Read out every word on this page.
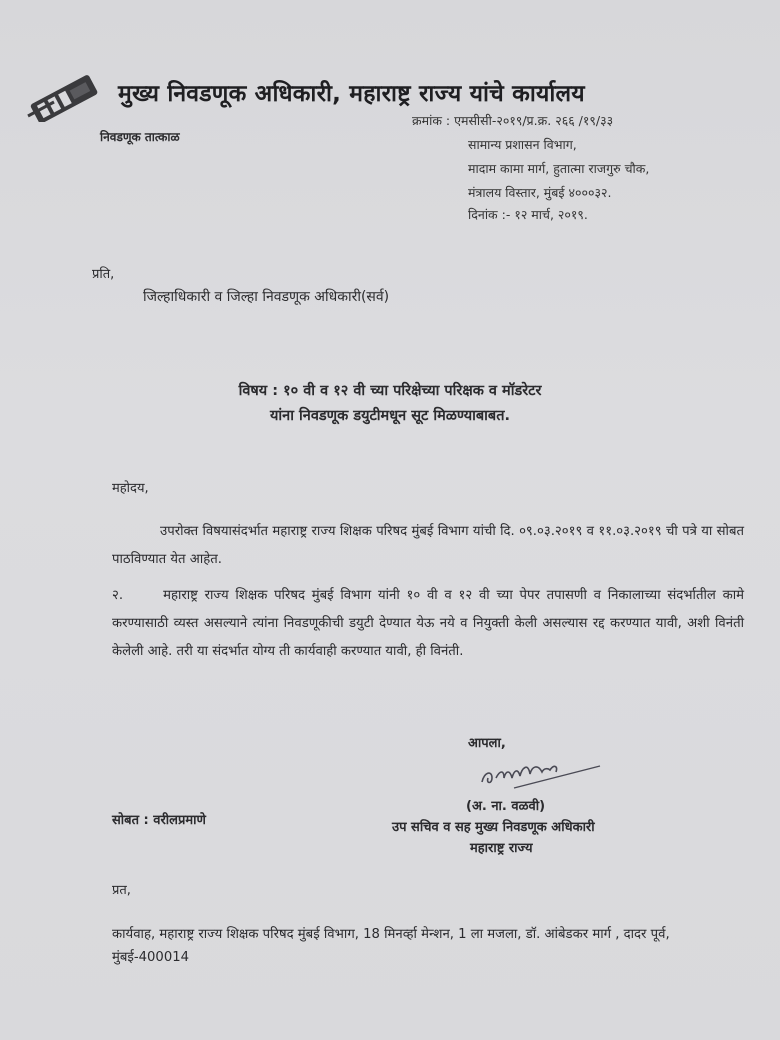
मुख्य निवडणूक अधिकारी, महाराष्ट्र राज्य यांचे कार्यालय
निवडणूक तात्काळ
क्रमांक : एमसीसी-२०१९/प्र.क्र. २६६ /१९/३३
सामान्य प्रशासन विभाग,
मादाम कामा मार्ग, हुतात्मा राजगुरु चौक,
मंत्रालय विस्तार, मुंबई ४०००३२.
दिनांक :- १२ मार्च, २०१९.
प्रति,
जिल्हाधिकारी व जिल्हा निवडणूक अधिकारी(सर्व)
विषय : १० वी व १२ वी च्या परिक्षेच्या परिक्षक व मॉडरेटर
यांना निवडणूक डयुटीमधून सूट मिळण्याबाबत.
महोदय,
उपरोक्त विषयासंदर्भात महाराष्ट्र राज्य शिक्षक परिषद मुंबई विभाग यांची दि. ०९.०३.२०१९ व ११.०३.२०१९ ची पत्रे या सोबत पाठविण्यात येत आहेत.
२.	महाराष्ट्र राज्य शिक्षक परिषद मुंबई विभाग यांनी १० वी व १२ वी च्या पेपर तपासणी व निकालाच्या संदर्भातील कामे करण्यासाठी व्यस्त असल्याने त्यांना निवडणूकीची डयुटी देण्यात येऊ नये व नियुक्ती केली असल्यास रद्द करण्यात यावी, अशी विनंती केलेली आहे. तरी या संदर्भात योग्य ती कार्यवाही करण्यात यावी, ही विनंती.
आपला,
(अ. ना. वळवी)
सोबत : वरीलप्रमाणे	उप सचिव व सह मुख्य निवडणूक अधिकारी
महाराष्ट्र राज्य
प्रत,
कार्यवाह, महाराष्ट्र राज्य शिक्षक परिषद मुंबई विभाग, 18 मिनर्व्हा मेन्शन, 1 ला मजला, डॉ. आंबेडकर मार्ग , दादर पूर्व, मुंबई-400014
